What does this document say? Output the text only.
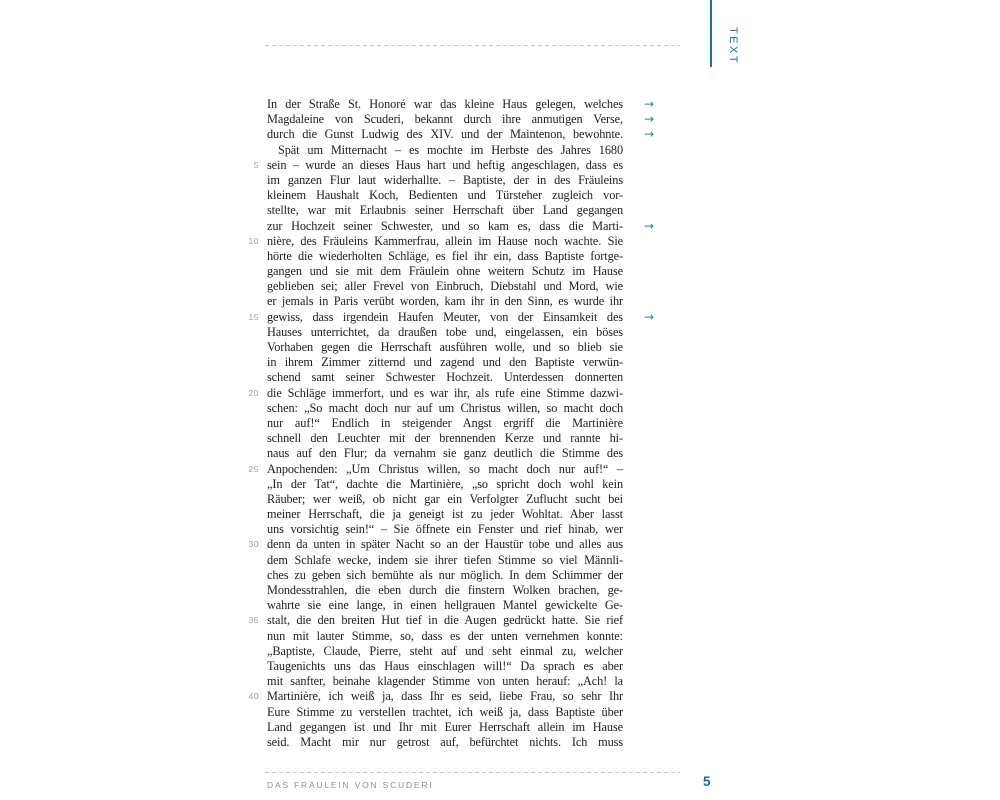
TEXT
In der Straße St. Honoré war das kleine Haus gelegen, welches →
Magdaleine von Scuderi, bekannt durch ihre anmutigen Verse, →
durch die Gunst Ludwig des XIV. und der Maintenon, bewohnte. →
Spät um Mitternacht – es mochte im Herbste des Jahres 1680
5 sein – wurde an dieses Haus hart und heftig angeschlagen, dass es
im ganzen Flur laut widerhallte. – Baptiste, der in des Fräuleins
kleinem Haushalt Koch, Bedienten und Türsteher zugleich vor-
stellte, war mit Erlaubnis seiner Herrschaft über Land gegangen
zur Hochzeit seiner Schwester, und so kam es, dass die Marti- →
10 nière, des Fräuleins Kammerfrau, allein im Hause noch wachte. Sie
hörte die wiederholten Schläge, es fiel ihr ein, dass Baptiste fortge-
gangen und sie mit dem Fräulein ohne weitern Schutz im Hause
geblieben sei; aller Frevel von Einbruch, Diebstahl und Mord, wie
er jemals in Paris verübt worden, kam ihr in den Sinn, es wurde ihr
15 gewiss, dass irgendein Haufen Meuter, von der Einsamkeit des →
Hauses unterrichtet, da draußen tobe und, eingelassen, ein böses
Vorhaben gegen die Herrschaft ausführen wolle, und so blieb sie
in ihrem Zimmer zitternd und zagend und den Baptiste verwün-
schend samt seiner Schwester Hochzeit. Unterdessen donnerten
20 die Schläge immerfort, und es war ihr, als rufe eine Stimme dazwi-
schen: „So macht doch nur auf um Christus willen, so macht doch
nur auf!“ Endlich in steigender Angst ergriff die Martinière
schnell den Leuchter mit der brennenden Kerze und rannte hi-
naus auf den Flur; da vernahm sie ganz deutlich die Stimme des
25 Anpochenden: „Um Christus willen, so macht doch nur auf!“ –
„In der Tat“, dachte die Martinière, „so spricht doch wohl kein
Räuber; wer weiß, ob nicht gar ein Verfolgter Zuflucht sucht bei
meiner Herrschaft, die ja geneigt ist zu jeder Wohltat. Aber lasst
uns vorsichtig sein!“ – Sie öffnete ein Fenster und rief hinab, wer
30 denn da unten in später Nacht so an der Haustür tobe und alles aus
dem Schlafe wecke, indem sie ihrer tiefen Stimme so viel Männli-
ches zu geben sich bemühte als nur möglich. In dem Schimmer der
Mondesstrahlen, die eben durch die finstern Wolken brachen, ge-
wahrte sie eine lange, in einen hellgrauen Mantel gewickelte Ge-
35 stalt, die den breiten Hut tief in die Augen gedrückt hatte. Sie rief
nun mit lauter Stimme, so, dass es der unten vernehmen konnte:
„Baptiste, Claude, Pierre, steht auf und seht einmal zu, welcher
Taugenichts uns das Haus einschlagen will!“ Da sprach es aber
mit sanfter, beinahe klagender Stimme von unten herauf: „Ach! la
40 Martinière, ich weiß ja, dass Ihr es seid, liebe Frau, so sehr Ihr
Eure Stimme zu verstellen trachtet, ich weiß ja, dass Baptiste über
Land gegangen ist und Ihr mit Eurer Herrschaft allein im Hause
seid. Macht mir nur getrost auf, befürchtet nichts. Ich muss
DAS FRÄULEIN VON SCUDERI	5
